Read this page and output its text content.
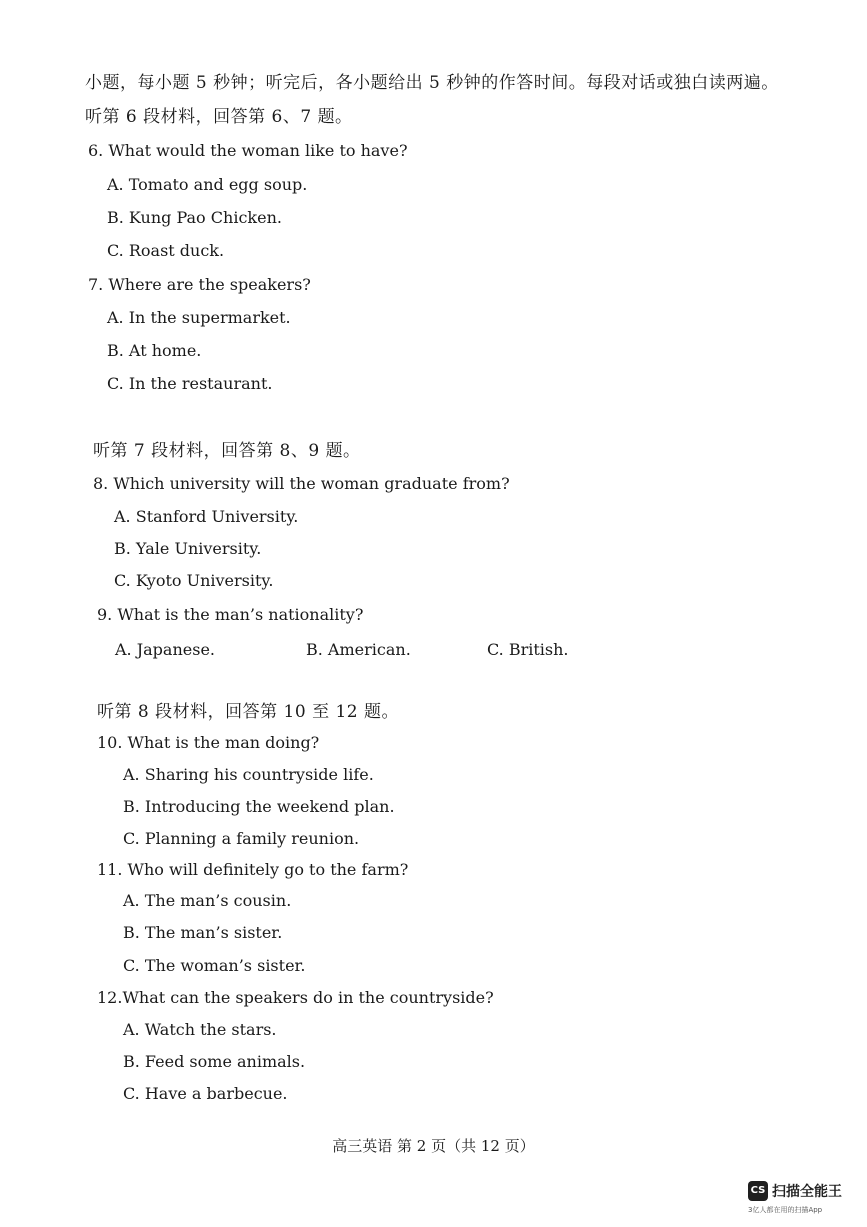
小题，每小题 5 秒钟；听完后，各小题给出 5 秒钟的作答时间。每段对话或独白读两遍。
听第 6 段材料，回答第 6、7 题。
6. What would the woman like to have?
A. Tomato and egg soup.
B. Kung Pao Chicken.
C. Roast duck.
7. Where are the speakers?
A. In the supermarket.
B. At home.
C. In the restaurant.
听第 7 段材料，回答第 8、9 题。
8. Which university will the woman graduate from?
A. Stanford University.
B. Yale University.
C. Kyoto University.
9. What is the man’s nationality?
A. Japanese.	B. American.	C. British.
听第 8 段材料，回答第 10 至 12 题。
10. What is the man doing?
A. Sharing his countryside life.
B. Introducing the weekend plan.
C. Planning a family reunion.
11. Who will definitely go to the farm?
A. The man’s cousin.
B. The man’s sister.
C. The woman’s sister.
12.What can the speakers do in the countryside?
A. Watch the stars.
B. Feed some animals.
C. Have a barbecue.
高三英语 第 2 页（共 12 页）
CS 扫描全能王
3亿人都在用的扫描App
